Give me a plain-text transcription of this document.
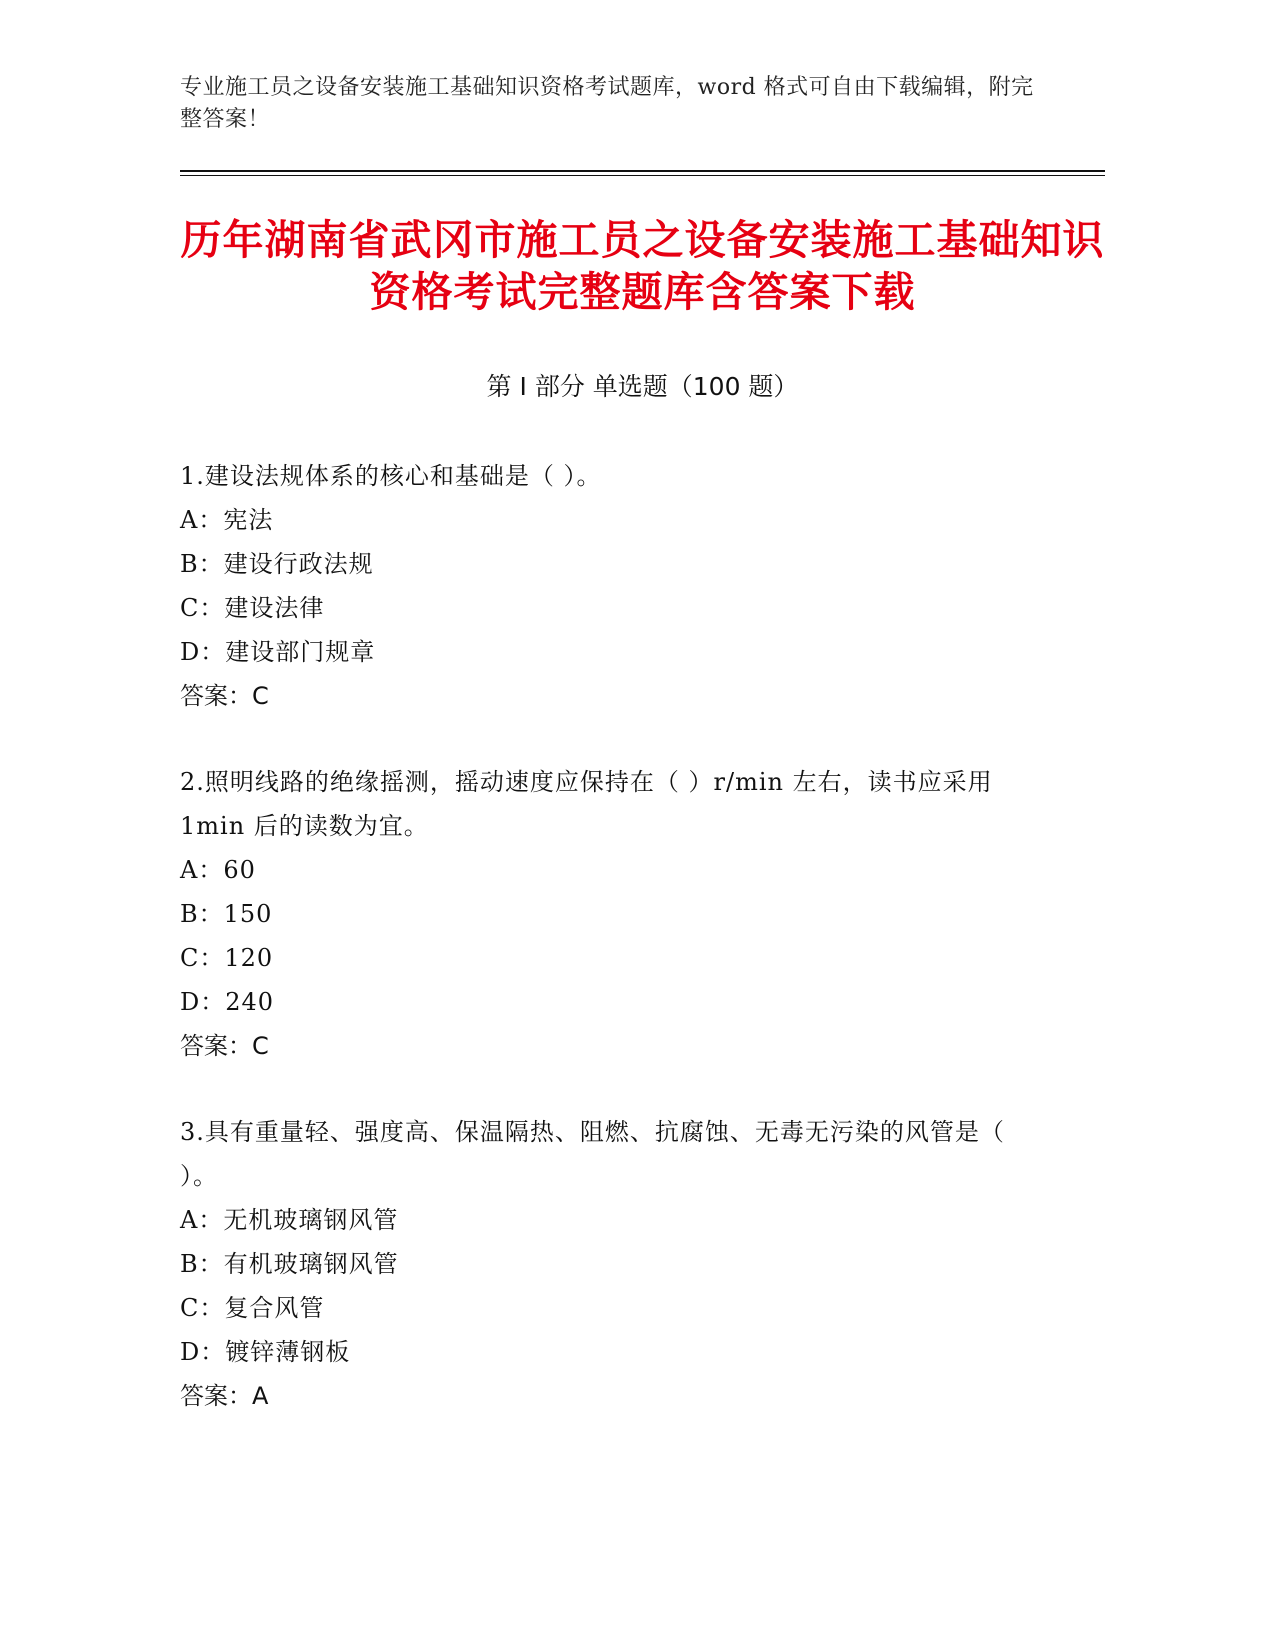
专业施工员之设备安装施工基础知识资格考试题库，word 格式可自由下载编辑，附完整答案！
历年湖南省武冈市施工员之设备安装施工基础知识资格考试完整题库含答案下载
第 I 部分 单选题（100 题）
1.建设法规体系的核心和基础是（ ）。
A：宪法
B：建设行政法规
C：建设法律
D：建设部门规章
答案：C
2.照明线路的绝缘摇测，摇动速度应保持在（ ）r/min 左右，读书应采用 1min 后的读数为宜。
A：60
B：150
C：120
D：240
答案：C
3.具有重量轻、强度高、保温隔热、阻燃、抗腐蚀、无毒无污染的风管是（ ）。
A：无机玻璃钢风管
B：有机玻璃钢风管
C：复合风管
D：镀锌薄钢板
答案：A
